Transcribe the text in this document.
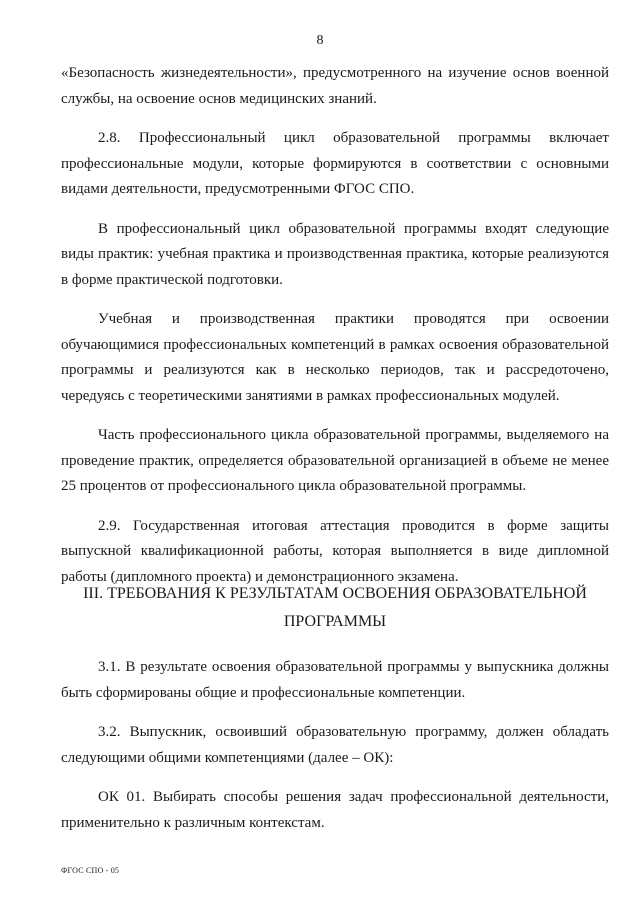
8

«Безопасность жизнедеятельности», предусмотренного на изучение основ военной службы, на освоение основ медицинских знаний.

2.8. Профессиональный цикл образовательной программы включает профессиональные модули, которые формируются в соответствии с основными видами деятельности, предусмотренными ФГОС СПО.

В профессиональный цикл образовательной программы входят следующие виды практик: учебная практика и производственная практика, которые реализуются в форме практической подготовки.

Учебная и производственная практики проводятся при освоении обучающимися профессиональных компетенций в рамках освоения образовательной программы и реализуются как в несколько периодов, так и рассредоточено, чередуясь с теоретическими занятиями в рамках профессиональных модулей.

Часть профессионального цикла образовательной программы, выделяемого на проведение практик, определяется образовательной организацией в объеме не менее 25 процентов от профессионального цикла образовательной программы.

2.9. Государственная итоговая аттестация проводится в форме защиты выпускной квалификационной работы, которая выполняется в виде дипломной работы (дипломного проекта) и демонстрационного экзамена.

III. ТРЕБОВАНИЯ К РЕЗУЛЬТАТАМ ОСВОЕНИЯ ОБРАЗОВАТЕЛЬНОЙ
ПРОГРАММЫ

3.1. В результате освоения образовательной программы у выпускника должны быть сформированы общие и профессиональные компетенции.

3.2. Выпускник, освоивший образовательную программу, должен обладать следующими общими компетенциями (далее – ОК):

ОК 01. Выбирать способы решения задач профессиональной деятельности, применительно к различным контекстам.

ФГОС СПО - 05
